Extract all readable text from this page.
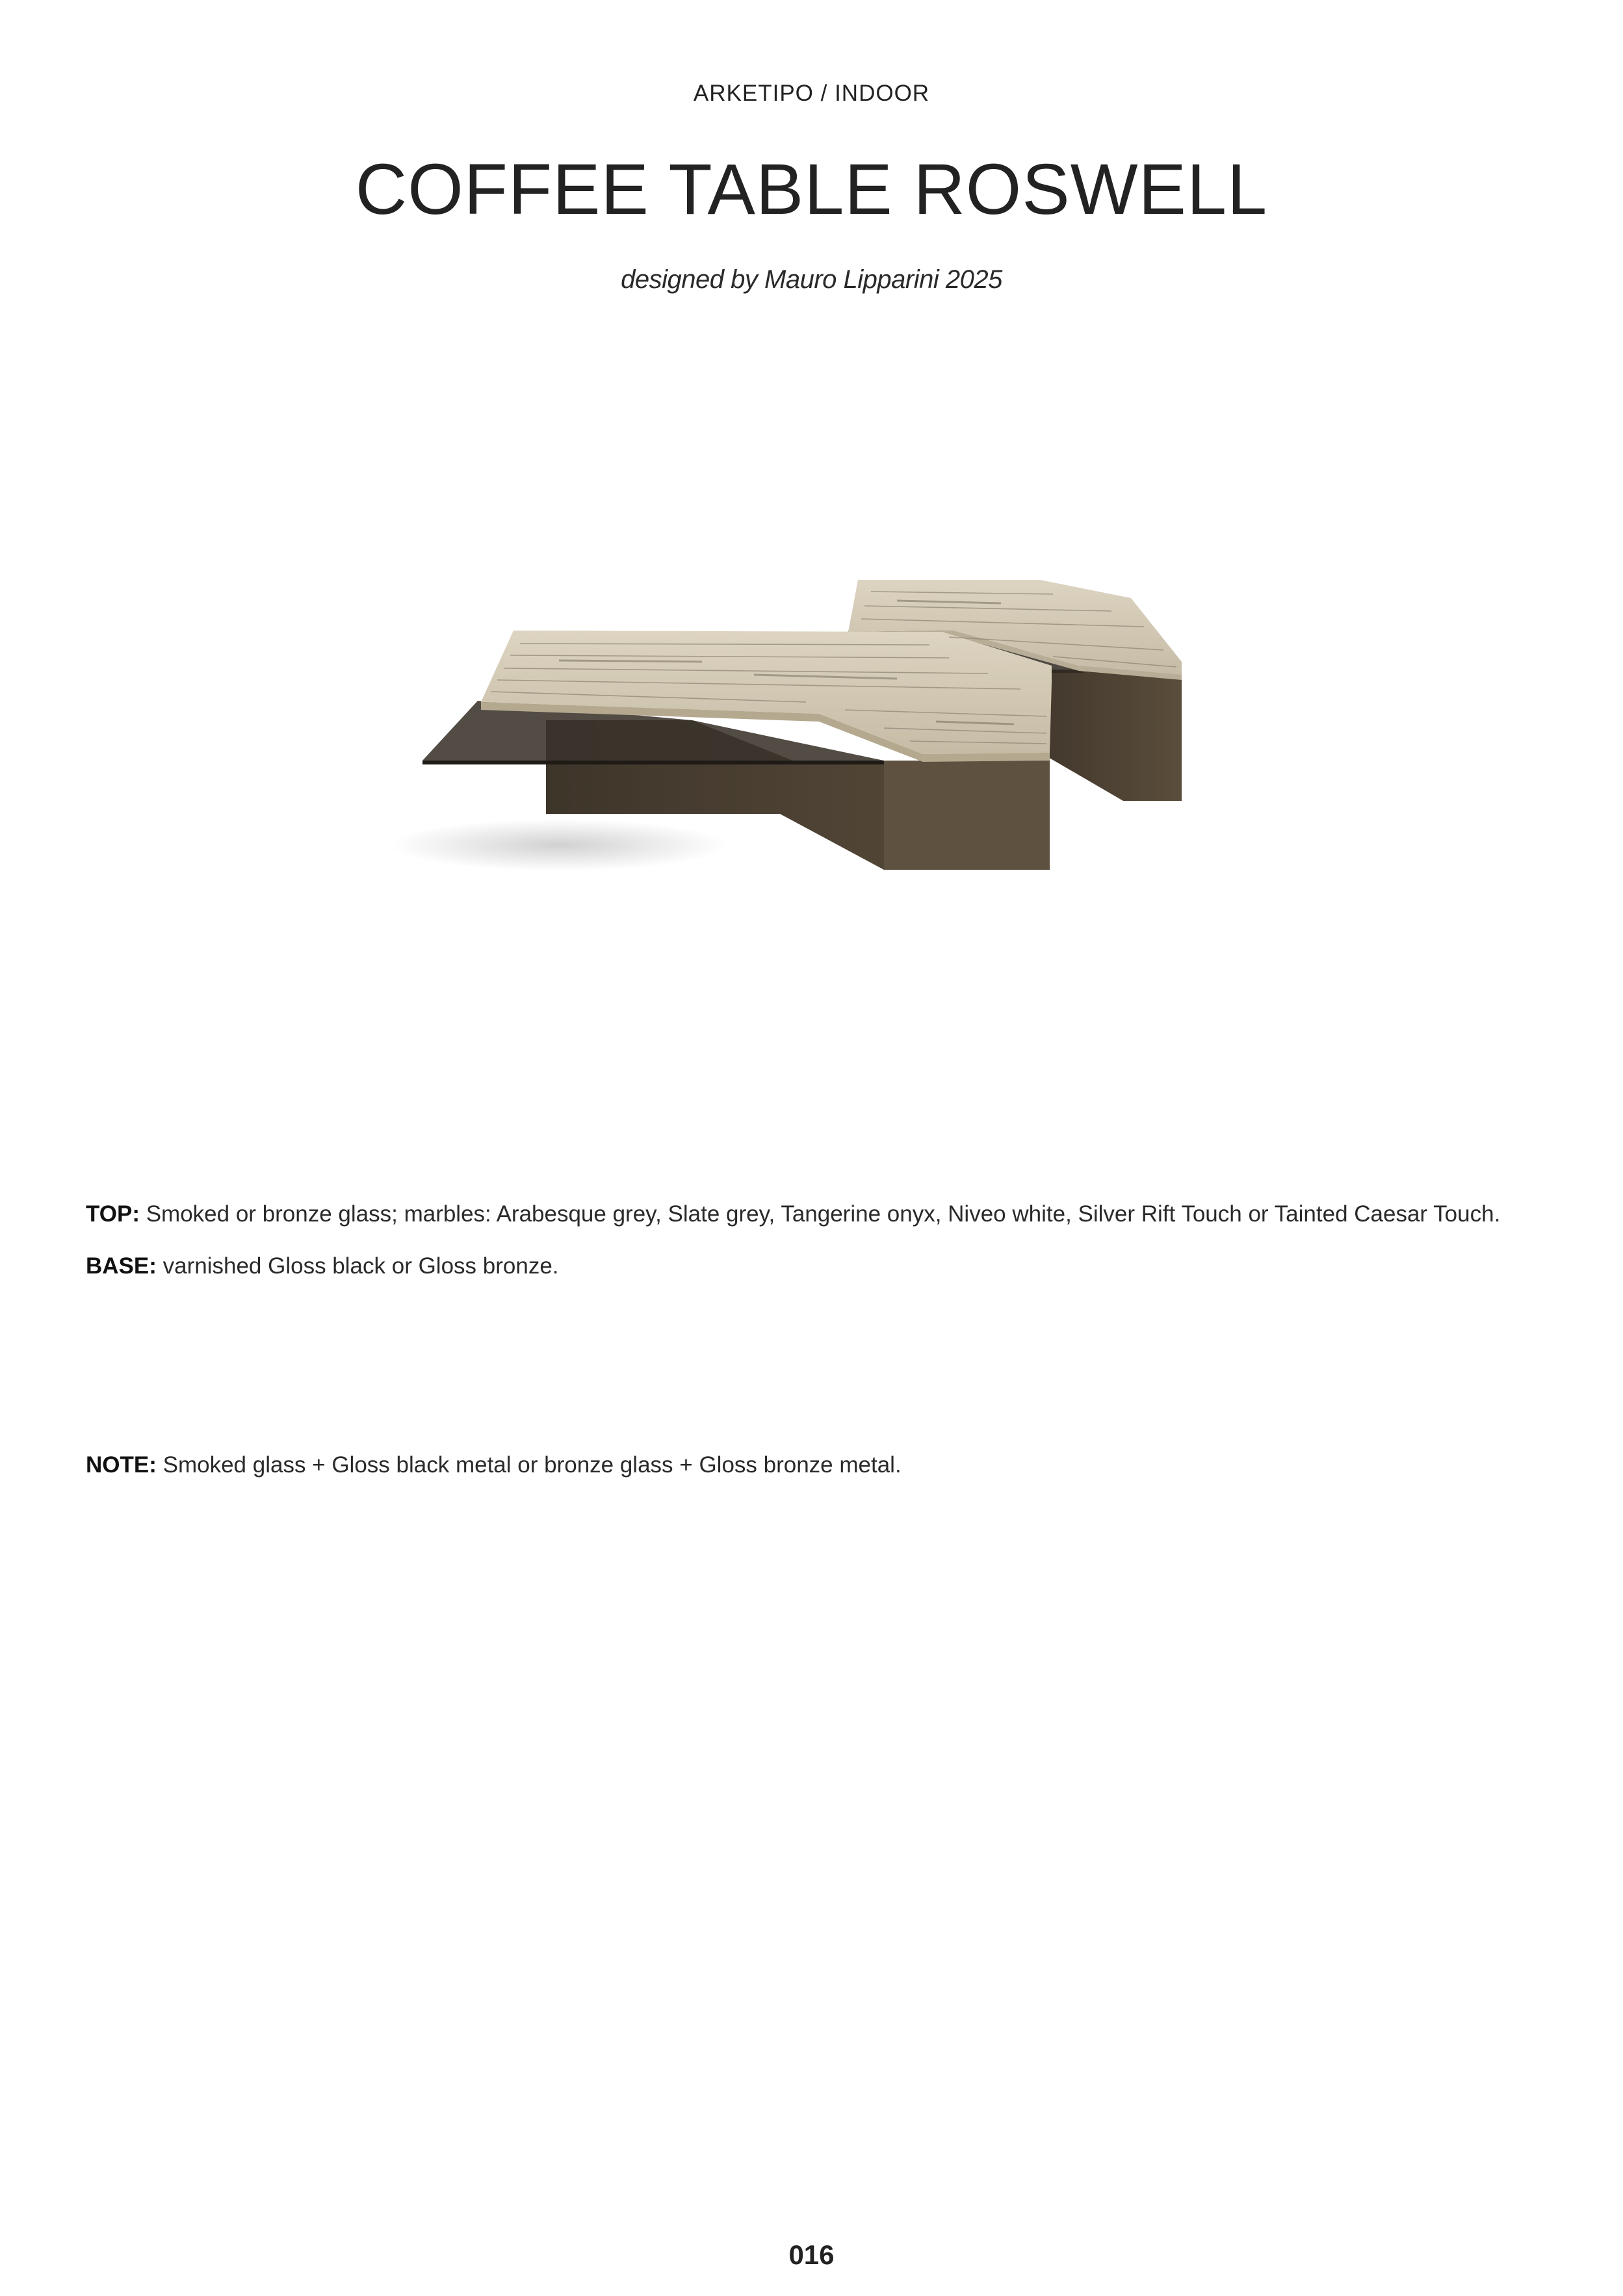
ARKETIPO / INDOOR
COFFEE TABLE ROSWELL
designed by Mauro Lipparini 2025

TOP: Smoked or bronze glass; marbles: Arabesque grey, Slate grey, Tangerine onyx, Niveo white, Silver Rift Touch or Tainted Caesar Touch.

BASE: varnished Gloss black or Gloss bronze.

NOTE: Smoked glass + Gloss black metal or bronze glass + Gloss bronze metal.
016
